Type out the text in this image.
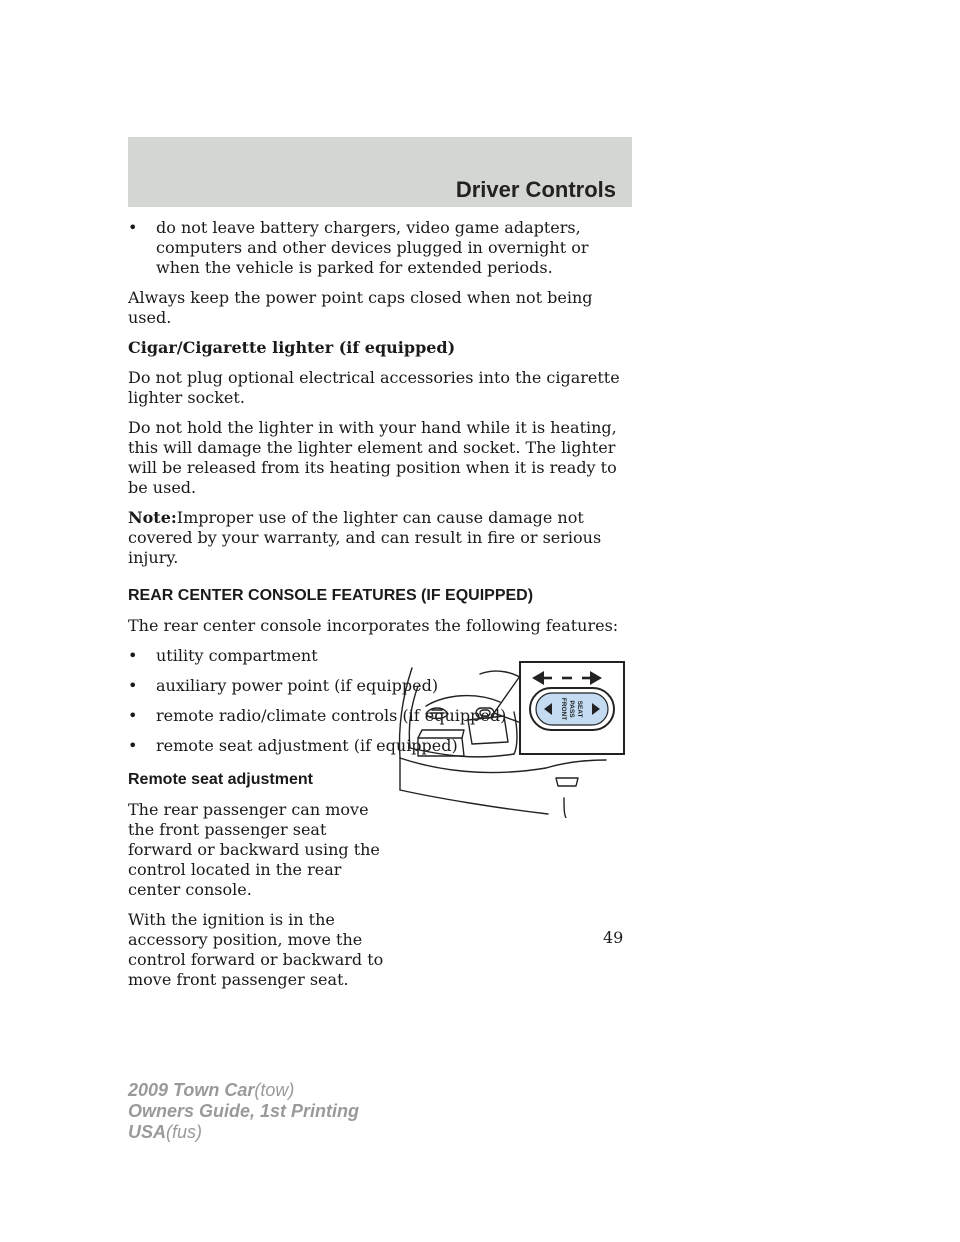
Driver Controls
•	do not leave battery chargers, video game adapters, computers and other devices plugged in overnight or when the vehicle is parked for extended periods.

Always keep the power point caps closed when not being used.

Cigar/Cigarette lighter (if equipped)

Do not plug optional electrical accessories into the cigarette lighter socket.

Do not hold the lighter in with your hand while it is heating, this will damage the lighter element and socket. The lighter will be released from its heating position when it is ready to be used.

Note:Improper use of the lighter can cause damage not covered by your warranty, and can result in fire or serious injury.

REAR CENTER CONSOLE FEATURES (IF EQUIPPED)

The rear center console incorporates the following features:

•	utility compartment
•	auxiliary power point (if equipped)
•	remote radio/climate controls (if equipped)
•	remote seat adjustment (if equipped)
Remote seat adjustment

The rear passenger can move the front passenger seat forward or backward using the control located in the rear center console.

With the ignition is in the accessory position, move the control forward or backward to move front passenger seat.

FRONT PASS SEAT
49
2009 Town Car(tow)
Owners Guide, 1st Printing
USA(fus)
